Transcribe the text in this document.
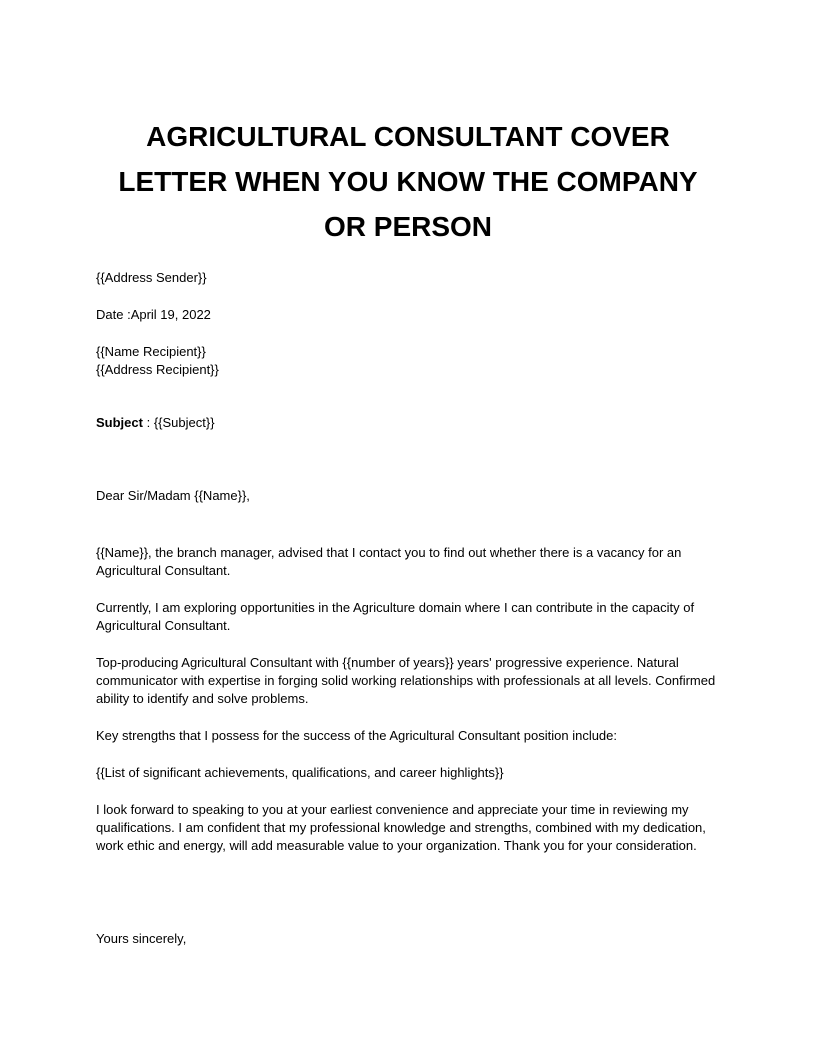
AGRICULTURAL CONSULTANT COVER LETTER WHEN YOU KNOW THE COMPANY OR PERSON
{{Address Sender}}
Date :April 19, 2022
{{Name Recipient}}
{{Address Recipient}}
Subject : {{Subject}}
Dear Sir/Madam {{Name}},
{{Name}}, the branch manager, advised that I contact you to find out whether there is a vacancy for an Agricultural Consultant.
Currently, I am exploring opportunities in the Agriculture domain where I can contribute in the capacity of Agricultural Consultant.
Top-producing Agricultural Consultant with {{number of years}} years' progressive experience. Natural communicator with expertise in forging solid working relationships with professionals at all levels. Confirmed ability to identify and solve problems.
Key strengths that I possess for the success of the Agricultural Consultant position include:
{{List of significant achievements, qualifications, and career highlights}}
I look forward to speaking to you at your earliest convenience and appreciate your time in reviewing my qualifications. I am confident that my professional knowledge and strengths, combined with my dedication, work ethic and energy, will add measurable value to your organization. Thank you for your consideration.
Yours sincerely,
